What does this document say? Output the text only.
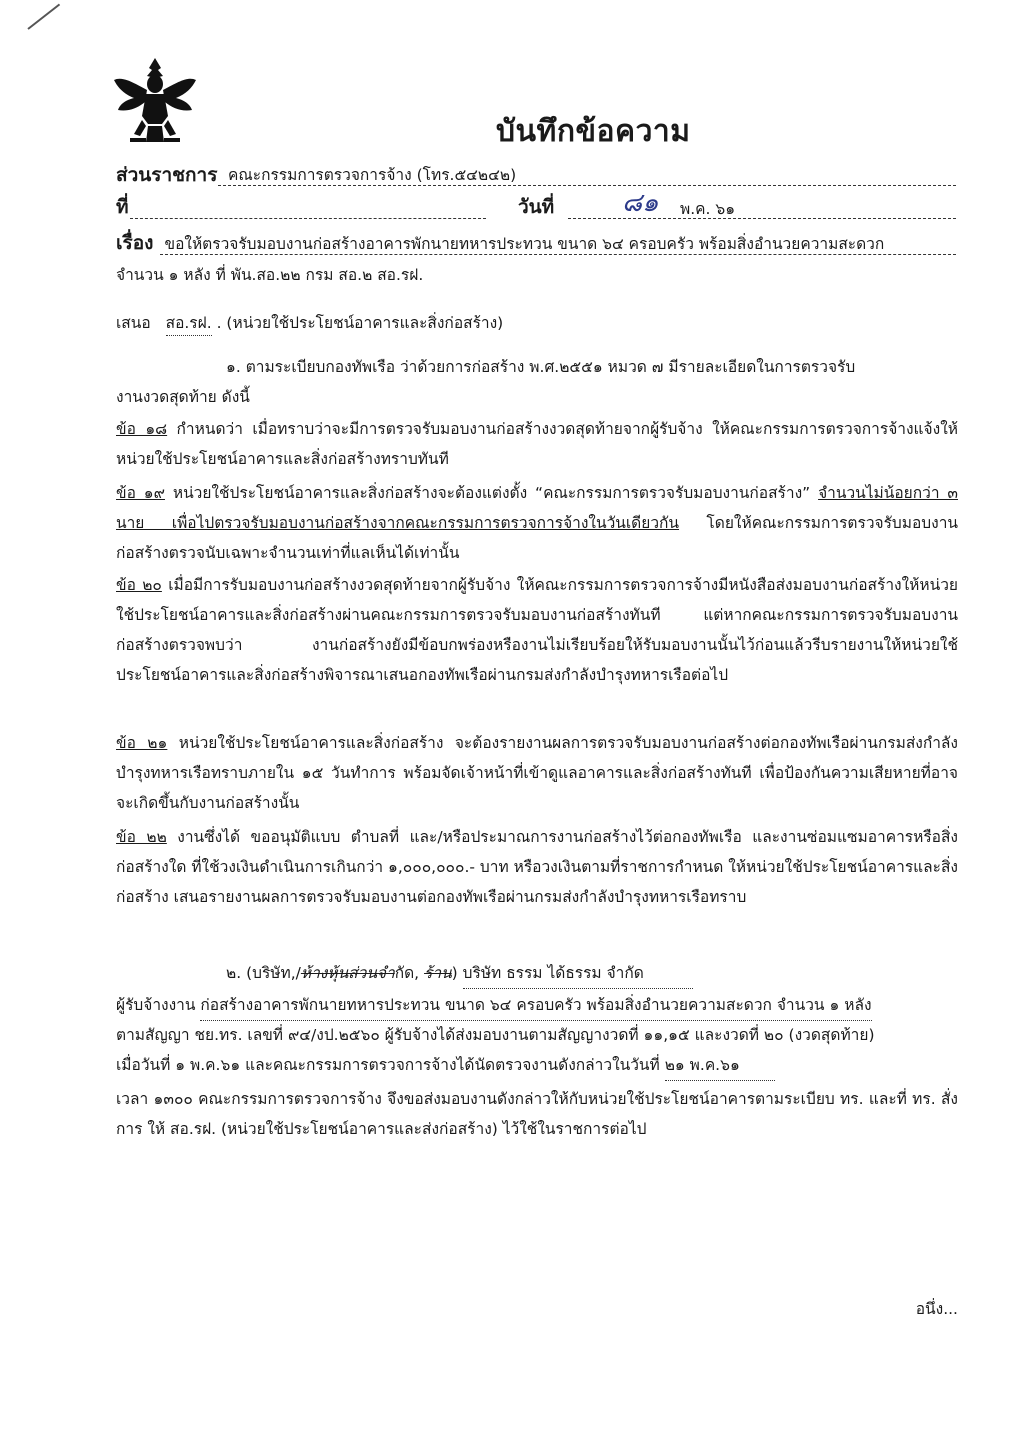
บันทึกข้อความ
ส่วนราชการ คณะกรรมการตรวจการจ้าง (โทร.๕๔๒๔๒)
ที่	วันที่	๘๑ พ.ค. ๖๑
เรื่อง ขอให้ตรวจรับมอบงานก่อสร้างอาคารพักนายทหารประทวน ขนาด ๖๔ ครอบครัว พร้อมสิ่งอำนวยความสะดวก
จำนวน ๑ หลัง ที่ พัน.สอ.๒๒ กรม สอ.๒ สอ.รฝ.
เสนอ สอ.รฝ. . (หน่วยใช้ประโยชน์อาคารและสิ่งก่อสร้าง)
๑. ตามระเบียบกองทัพเรือ ว่าด้วยการก่อสร้าง พ.ศ.๒๕๕๑ หมวด ๗ มีรายละเอียดในการตรวจรับ
งานงวดสุดท้าย ดังนี้
ข้อ ๑๘ กำหนดว่า เมื่อทราบว่าจะมีการตรวจรับมอบงานก่อสร้างงวดสุดท้ายจากผู้รับจ้าง ให้คณะกรรมการตรวจการจ้างแจ้งให้หน่วยใช้ประโยชน์อาคารและสิ่งก่อสร้างทราบทันที
ข้อ ๑๙ หน่วยใช้ประโยชน์อาคารและสิ่งก่อสร้างจะต้องแต่งตั้ง “คณะกรรมการตรวจรับมอบงานก่อสร้าง” จำนวนไม่น้อยกว่า ๓ นาย เพื่อไปตรวจรับมอบงานก่อสร้างจากคณะกรรมการตรวจการจ้างในวันเดียวกัน โดยให้คณะกรรมการตรวจรับมอบงานก่อสร้างตรวจนับเฉพาะจำนวนเท่าที่แลเห็นได้เท่านั้น
ข้อ ๒๐ เมื่อมีการรับมอบงานก่อสร้างงวดสุดท้ายจากผู้รับจ้าง ให้คณะกรรมการตรวจการจ้างมีหนังสือส่งมอบงานก่อสร้างให้หน่วยใช้ประโยชน์อาคารและสิ่งก่อสร้างผ่านคณะกรรมการตรวจรับมอบงานก่อสร้างทันที แต่หากคณะกรรมการตรวจรับมอบงานก่อสร้างตรวจพบว่า งานก่อสร้างยังมีข้อบกพร่องหรืองานไม่เรียบร้อยให้รับมอบงานนั้นไว้ก่อนแล้วรีบรายงานให้หน่วยใช้ประโยชน์อาคารและสิ่งก่อสร้างพิจารณาเสนอกองทัพเรือผ่านกรมส่งกำลังบำรุงทหารเรือต่อไป
ข้อ ๒๑ หน่วยใช้ประโยชน์อาคารและสิ่งก่อสร้าง จะต้องรายงานผลการตรวจรับมอบงานก่อสร้างต่อกองทัพเรือผ่านกรมส่งกำลังบำรุงทหารเรือทราบภายใน ๑๕ วันทำการ พร้อมจัดเจ้าหน้าที่เข้าดูแลอาคารและสิ่งก่อสร้างทันที เพื่อป้องกันความเสียหายที่อาจจะเกิดขึ้นกับงานก่อสร้างนั้น
ข้อ ๒๒ งานซึ่งได้ ขออนุมัติแบบ ตำบลที่ และ/หรือประมาณการงานก่อสร้างไว้ต่อกองทัพเรือ และงานซ่อมแซมอาคารหรือสิ่งก่อสร้างใด ที่ใช้วงเงินดำเนินการเกินกว่า ๑,๐๐๐,๐๐๐.- บาท หรือวงเงินตามที่ราชการกำหนด ให้หน่วยใช้ประโยชน์อาคารและสิ่งก่อสร้าง เสนอรายงานผลการตรวจรับมอบงานต่อกองทัพเรือผ่านกรมส่งกำลังบำรุงทหารเรือทราบ
๒. (บริษัท,/ห้างหุ้นส่วนจำกัด, ร้าน) บริษัท ธรรม ได้ธรรม จำกัด
ผู้รับจ้างงาน ก่อสร้างอาคารพักนายทหารประทวน ขนาด ๖๔ ครอบครัว พร้อมสิ่งอำนวยความสะดวก จำนวน ๑ หลัง
ตามสัญญา ชย.ทร. เลขที่ ๙๔/งป.๒๕๖๐ ผู้รับจ้างได้ส่งมอบงานตามสัญญางวดที่ ๑๑,๑๕ และงวดที่ ๒๐ (งวดสุดท้าย)
เมื่อวันที่ ๑ พ.ค.๖๑ และคณะกรรมการตรวจการจ้างได้นัดตรวจงานดังกล่าวในวันที่ ๒๑ พ.ค.๖๑
เวลา ๑๓๐๐ คณะกรรมการตรวจการจ้าง จึงขอส่งมอบงานดังกล่าวให้กับหน่วยใช้ประโยชน์อาคารตามระเบียบ ทร. และที่ ทร. สั่งการ ให้ สอ.รฝ. (หน่วยใช้ประโยชน์อาคารและส่งก่อสร้าง) ไว้ใช้ในราชการต่อไป
อนึ่ง...
